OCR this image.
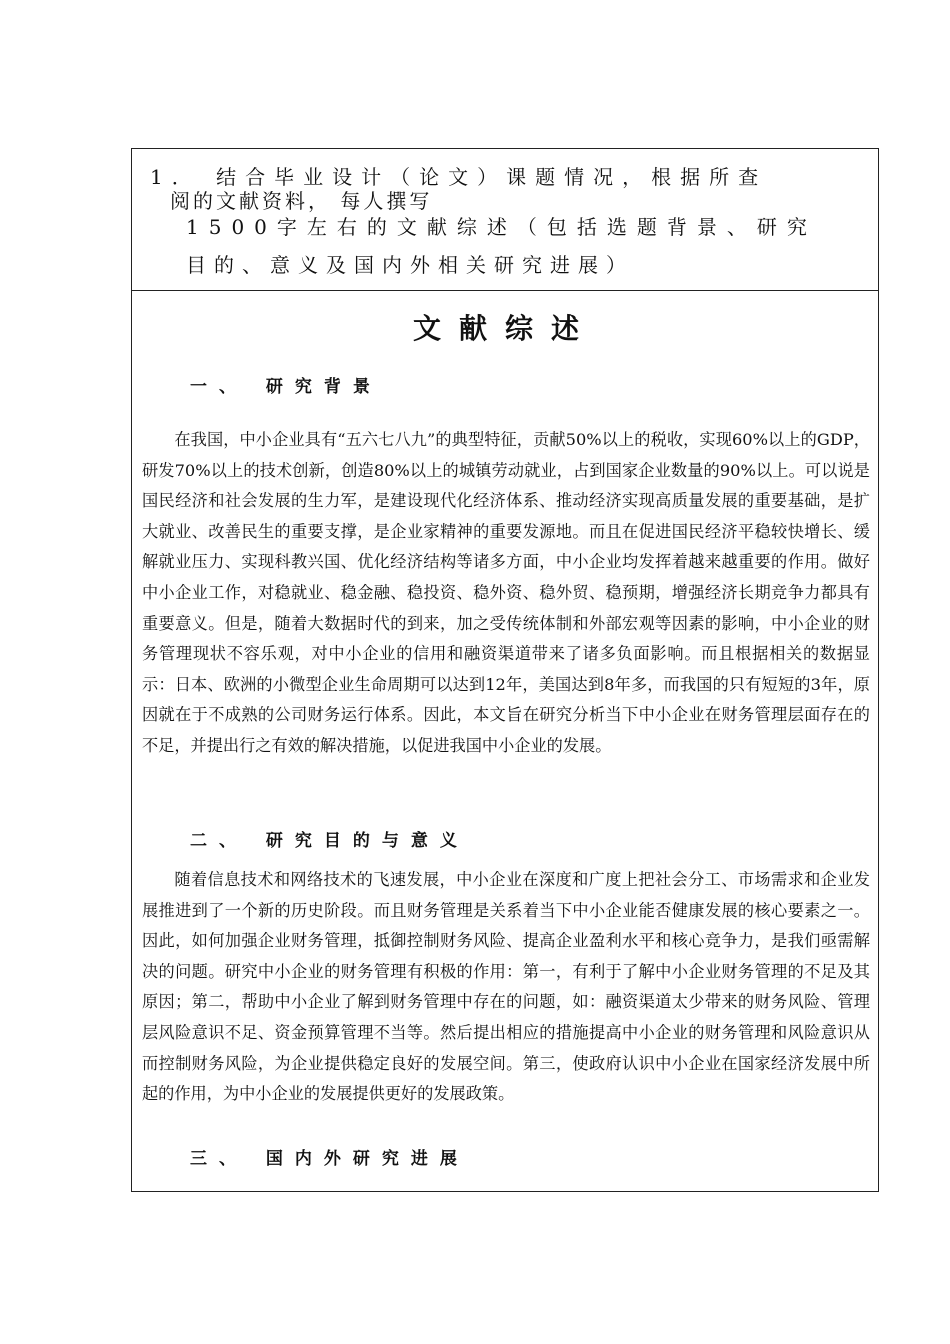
1． 结合毕业设计（论文）课题情况，根据所查
阅的文献资料， 每人撰写
1500字左右的文献综述（包括选题背景、研究
目的、意义及国内外相关研究进展）
文献综述
一、 研究背景
在我国，中小企业具有“五六七八九”的典型特征，贡献50%以上的税收，实现60%以上的GDP，研发70%以上的技术创新，创造80%以上的城镇劳动就业，占到国家企业数量的90%以上。可以说是国民经济和社会发展的生力军，是建设现代化经济体系、推动经济实现高质量发展的重要基础，是扩大就业、改善民生的重要支撑，是企业家精神的重要发源地。而且在促进国民经济平稳较快增长、缓解就业压力、实现科教兴国、优化经济结构等诸多方面，中小企业均发挥着越来越重要的作用。做好中小企业工作，对稳就业、稳金融、稳投资、稳外资、稳外贸、稳预期，增强经济长期竞争力都具有重要意义。但是，随着大数据时代的到来，加之受传统体制和外部宏观等因素的影响，中小企业的财务管理现状不容乐观，对中小企业的信用和融资渠道带来了诸多负面影响。而且根据相关的数据显示：日本、欧洲的小微型企业生命周期可以达到12年，美国达到8年多，而我国的只有短短的3年，原因就在于不成熟的公司财务运行体系。因此，本文旨在研究分析当下中小企业在财务管理层面存在的不足，并提出行之有效的解决措施，以促进我国中小企业的发展。
二、 研究目的与意义
随着信息技术和网络技术的飞速发展，中小企业在深度和广度上把社会分工、市场需求和企业发展推进到了一个新的历史阶段。而且财务管理是关系着当下中小企业能否健康发展的核心要素之一。因此，如何加强企业财务管理，抵御控制财务风险、提高企业盈利水平和核心竞争力，是我们亟需解决的问题。研究中小企业的财务管理有积极的作用：第一，有利于了解中小企业财务管理的不足及其原因；第二，帮助中小企业了解到财务管理中存在的问题，如：融资渠道太少带来的财务风险、管理层风险意识不足、资金预算管理不当等。然后提出相应的措施提高中小企业的财务管理和风险意识从而控制财务风险，为企业提供稳定良好的发展空间。第三，使政府认识中小企业在国家经济发展中所起的作用，为中小企业的发展提供更好的发展政策。
三、 国内外研究进展
